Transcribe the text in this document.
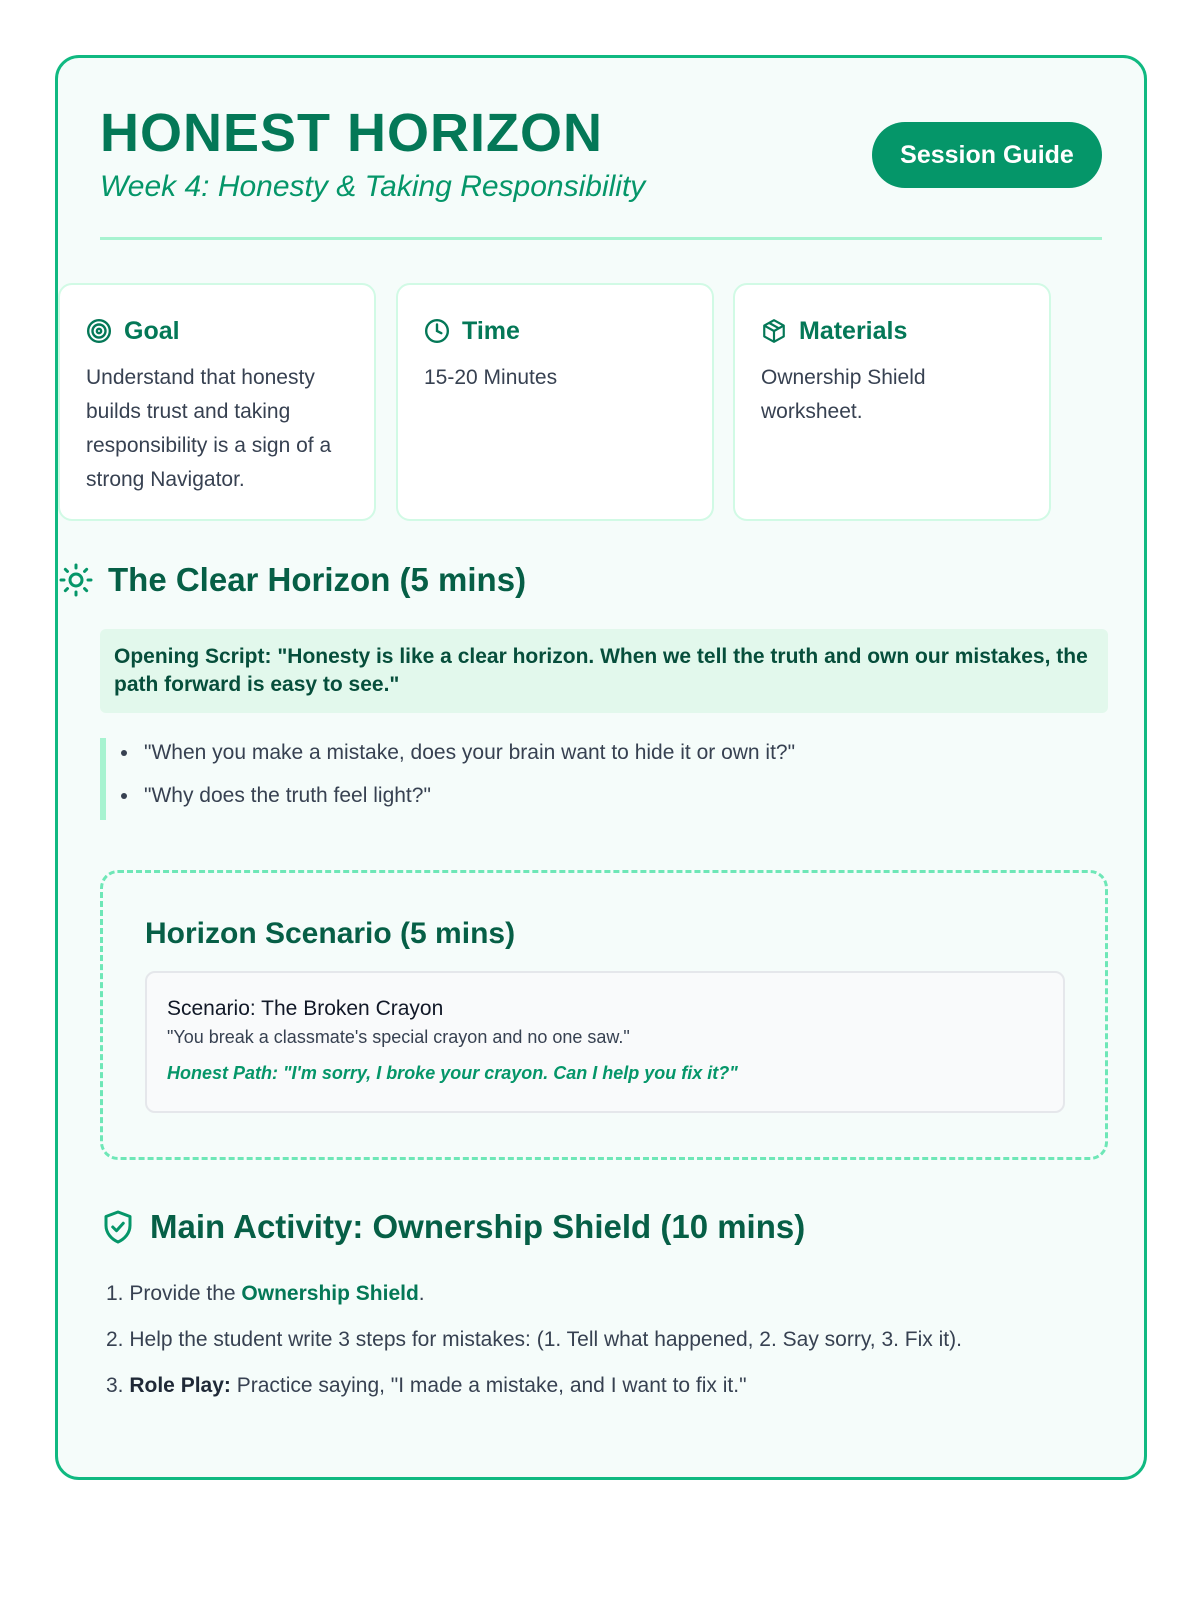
HONEST HORIZON
Week 4: Honesty & Taking Responsibility
Session Guide
Goal

Understand that honesty builds trust and taking responsibility is a sign of a strong Navigator.

Time

15-20 Minutes

Materials

Ownership Shield worksheet.

The Clear Horizon (5 mins)
Opening Script: "Honesty is like a clear horizon. When we tell the truth and own our mistakes, the path forward is easy to see."
• "When you make a mistake, does your brain want to hide it or own it?"
• "Why does the truth feel light?"
Horizon Scenario (5 mins)
Scenario: The Broken Crayon
"You break a classmate's special crayon and no one saw."
Honest Path: "I'm sorry, I broke your crayon. Can I help you fix it?"
Main Activity: Ownership Shield (10 mins)
1. Provide the Ownership Shield.
2. Help the student write 3 steps for mistakes: (1. Tell what happened, 2. Say sorry, 3. Fix it).
3. Role Play: Practice saying, "I made a mistake, and I want to fix it."
